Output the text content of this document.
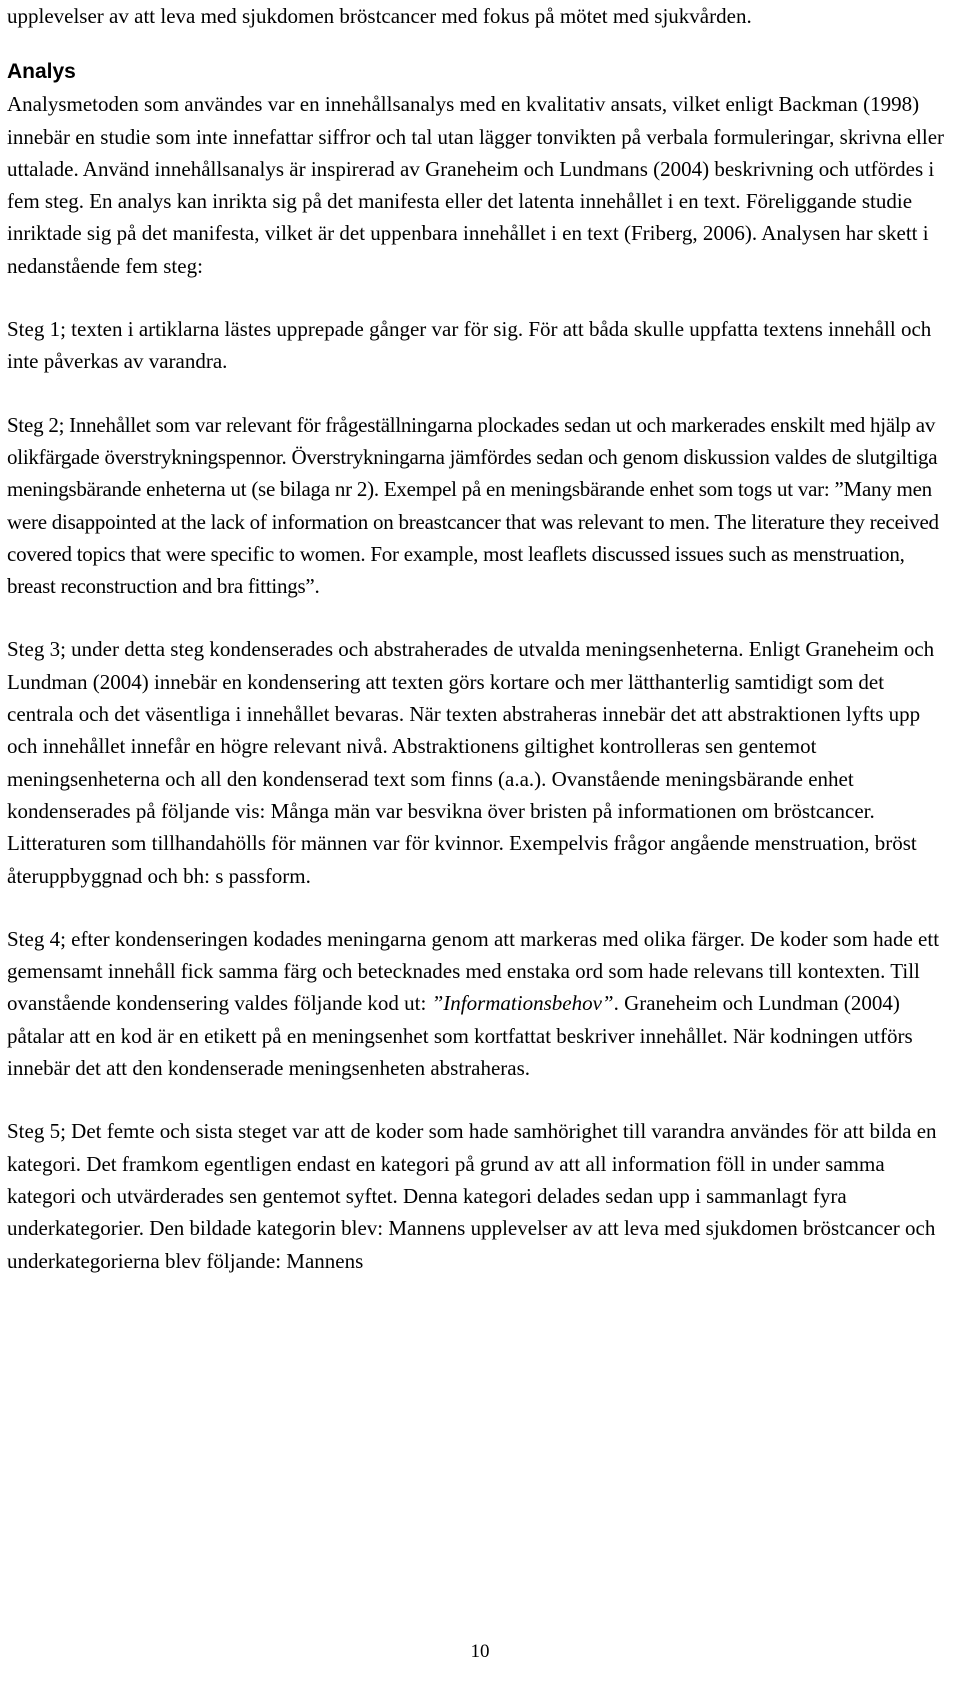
upplevelser av att leva med sjukdomen bröstcancer med fokus på mötet med sjukvården.

Analys

Analysmetoden som användes var en innehållsanalys med en kvalitativ ansats, vilket enligt Backman (1998) innebär en studie som inte innefattar siffror och tal utan lägger tonvikten på verbala formuleringar, skrivna eller uttalade. Använd innehållsanalys är inspirerad av Graneheim och Lundmans (2004) beskrivning och utfördes i fem steg. En analys kan inrikta sig på det manifesta eller det latenta innehållet i en text. Föreliggande studie inriktade sig på det manifesta, vilket är det uppenbara innehållet i en text (Friberg, 2006). Analysen har skett i nedanstående fem steg:

Steg 1; texten i artiklarna lästes upprepade gånger var för sig. För att båda skulle uppfatta textens innehåll och inte påverkas av varandra.

Steg 2; Innehållet som var relevant för frågeställningarna plockades sedan ut och markerades enskilt med hjälp av olikfärgade överstrykningspennor. Överstrykningarna jämfördes sedan och genom diskussion valdes de slutgiltiga meningsbärande enheterna ut (se bilaga nr 2). Exempel på en meningsbärande enhet som togs ut var: ”Many men were disappointed at the lack of information on breastcancer that was relevant to men. The literature they received covered topics that were specific to women. For example, most leaflets discussed issues such as menstruation, breast reconstruction and bra fittings”.

Steg 3; under detta steg kondenserades och abstraherades de utvalda meningsenheterna. Enligt Graneheim och Lundman (2004) innebär en kondensering att texten görs kortare och mer lätthanterlig samtidigt som det centrala och det väsentliga i innehållet bevaras. När texten abstraheras innebär det att abstraktionen lyfts upp och innehållet innefår en högre relevant nivå. Abstraktionens giltighet kontrolleras sen gentemot meningsenheterna och all den kondenserad text som finns (a.a.). Ovanstående meningsbärande enhet kondenserades på följande vis: Många män var besvikna över bristen på informationen om bröstcancer. Litteraturen som tillhandahölls för männen var för kvinnor. Exempelvis frågor angående menstruation, bröst återuppbyggnad och bh: s passform.

Steg 4; efter kondenseringen kodades meningarna genom att markeras med olika färger. De koder som hade ett gemensamt innehåll fick samma färg och betecknades med enstaka ord som hade relevans till kontexten. Till ovanstående kondensering valdes följande kod ut: ”Informationsbehov”. Graneheim och Lundman (2004) påtalar att en kod är en etikett på en meningsenhet som kortfattat beskriver innehållet. När kodningen utförs innebär det att den kondenserade meningsenheten abstraheras.

Steg 5; Det femte och sista steget var att de koder som hade samhörighet till varandra användes för att bilda en kategori. Det framkom egentligen endast en kategori på grund av att all information föll in under samma kategori och utvärderades sen gentemot syftet. Denna kategori delades sedan upp i sammanlagt fyra underkategorier. Den bildade kategorin blev: Mannens upplevelser av att leva med sjukdomen bröstcancer och underkategorierna blev följande: Mannens

10
